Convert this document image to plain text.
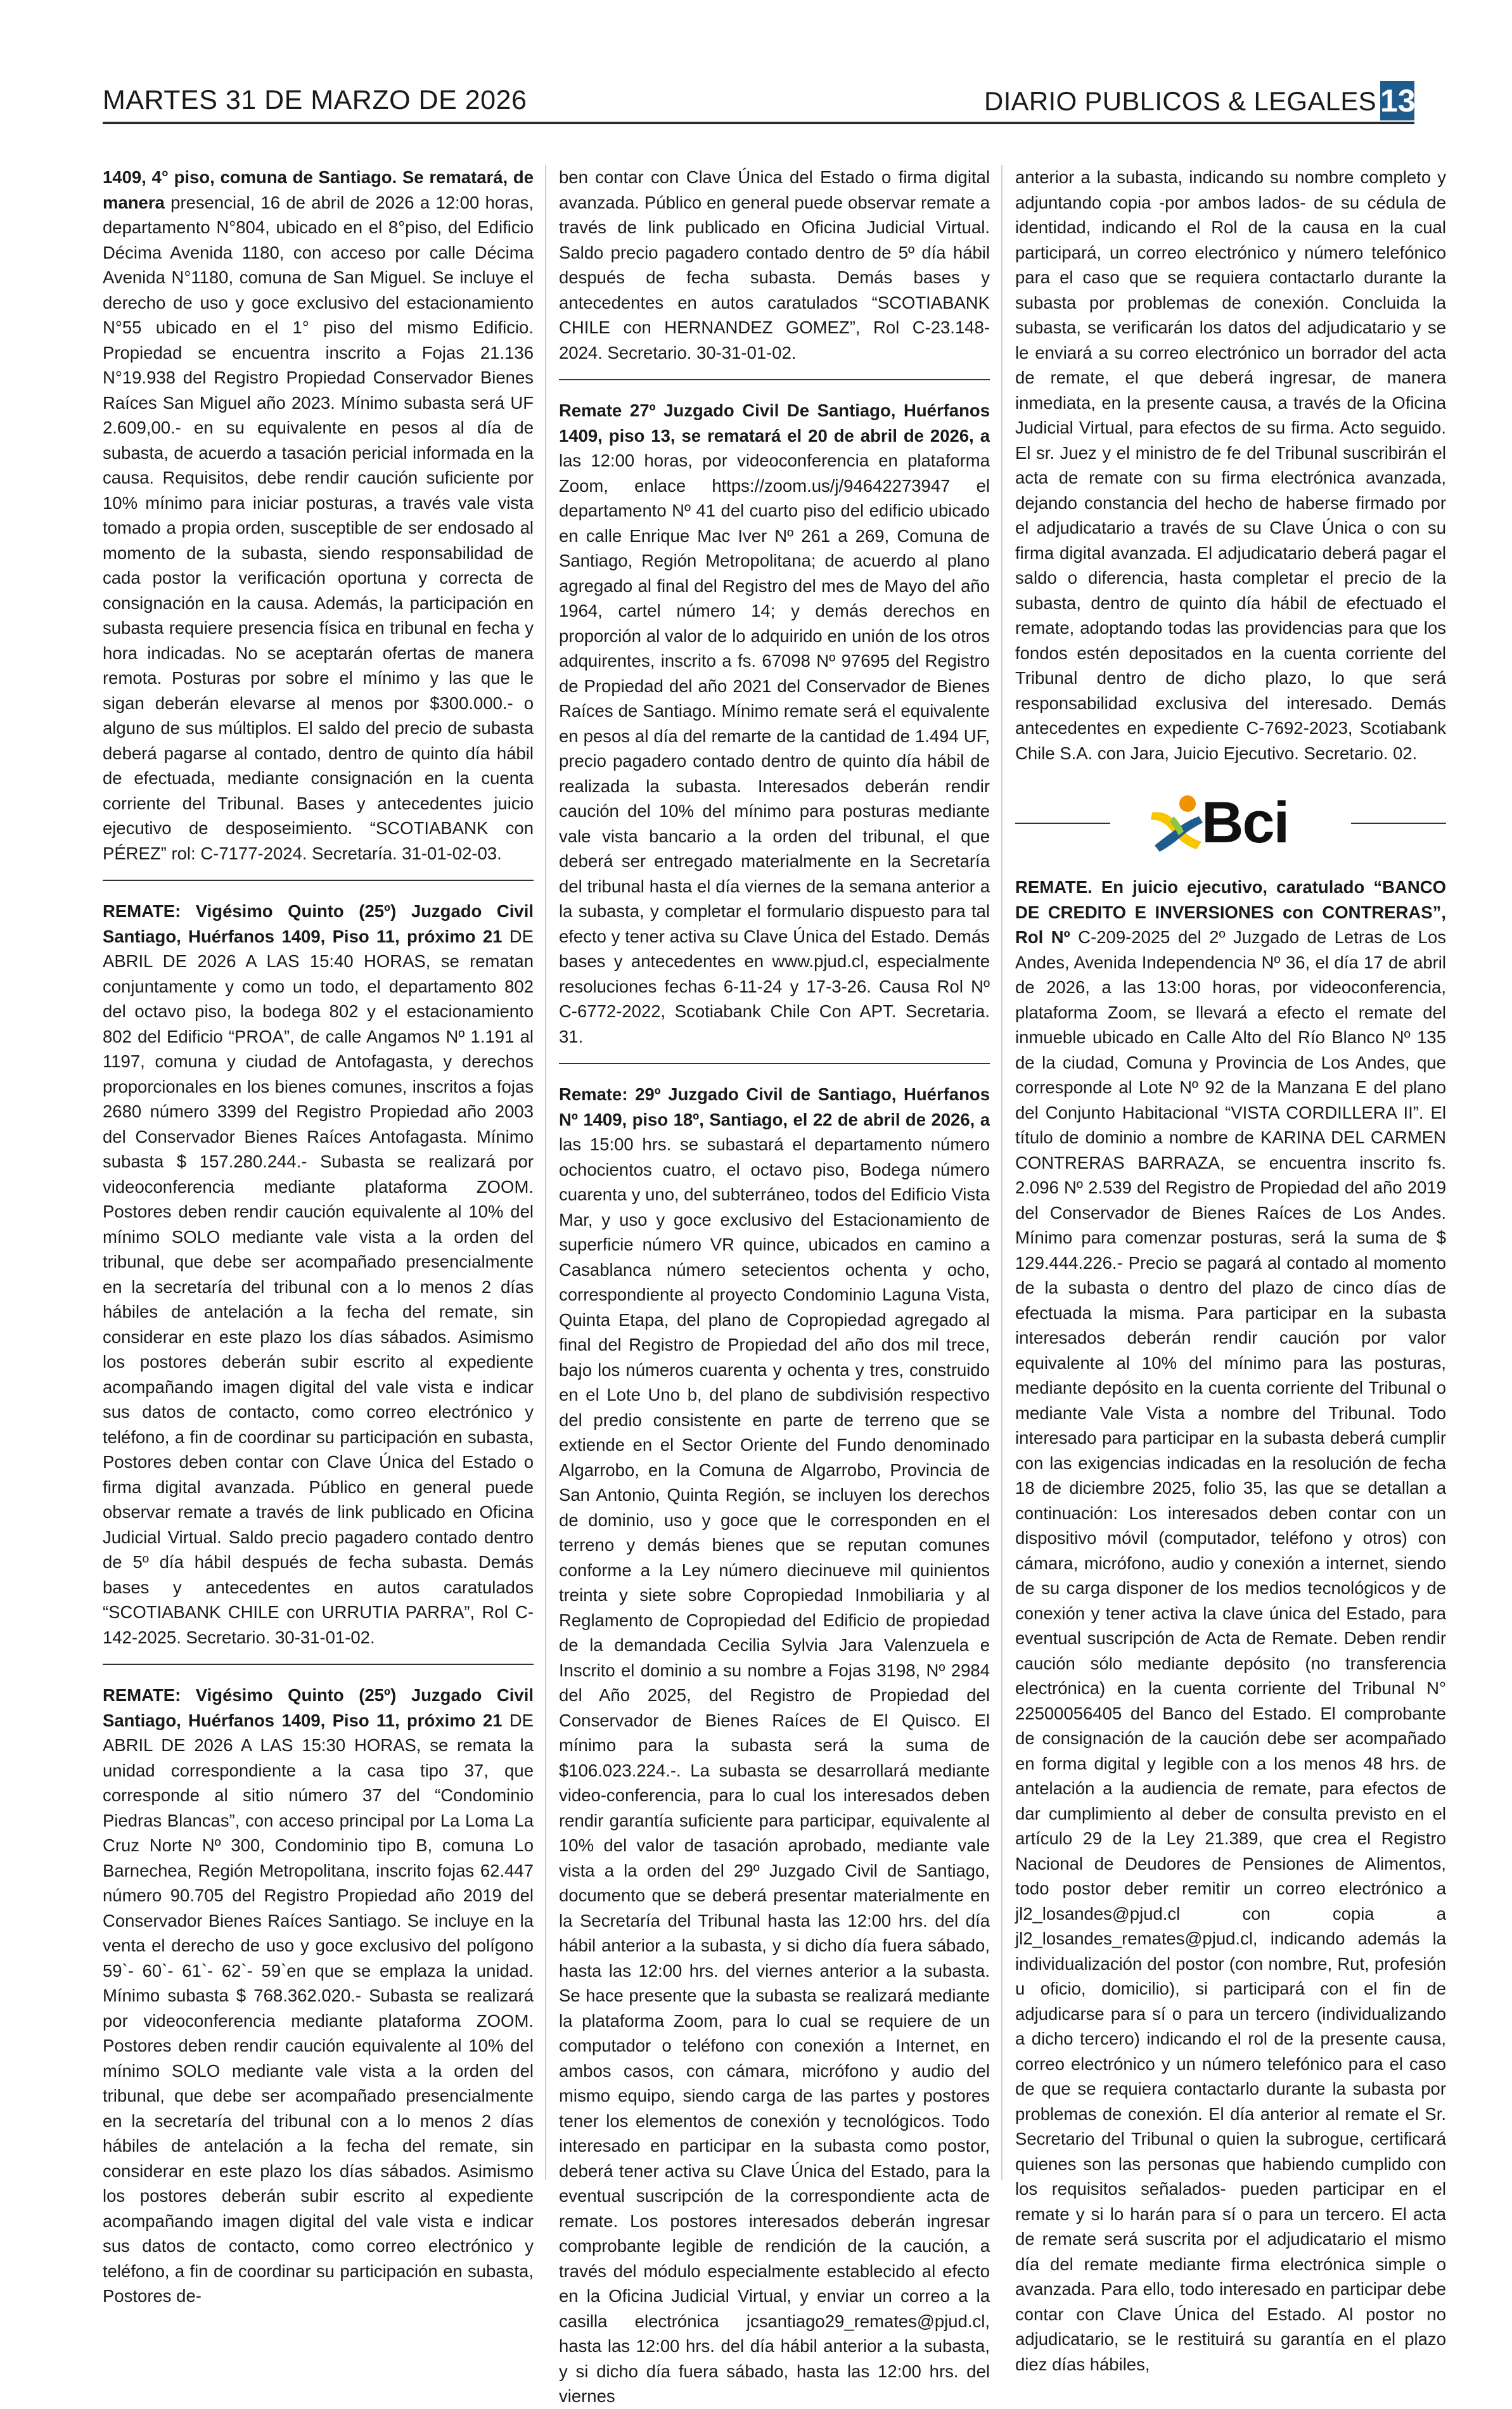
MARTES 31 DE MARZO DE 2026	DIARIO PUBLICOS & LEGALES 13

1409, 4° piso, comuna de Santiago. Se rematará, de manera presencial, 16 de abril de 2026 a 12:00 horas, departamento N°804, ubicado en el 8°piso, del Edificio Décima Avenida 1180, con acceso por calle Décima Avenida N°1180, comuna de San Miguel. Se incluye el derecho de uso y goce exclusivo del estacionamiento N°55 ubicado en el 1° piso del mismo Edificio. Propiedad se encuentra inscrito a Fojas 21.136 N°19.938 del Registro Propiedad Conservador Bienes Raíces San Miguel año 2023. Mínimo subasta será UF 2.609,00.- en su equivalente en pesos al día de subasta, de acuerdo a tasación pericial informada en la causa. Requisitos, debe rendir caución suficiente por 10% mínimo para iniciar posturas, a través vale vista tomado a propia orden, susceptible de ser endosado al momento de la subasta, siendo responsabilidad de cada postor la verificación oportuna y correcta de consignación en la causa. Además, la participación en subasta requiere presencia física en tribunal en fecha y hora indicadas. No se aceptarán ofertas de manera remota. Posturas por sobre el mínimo y las que le sigan deberán elevarse al menos por $300.000.- o alguno de sus múltiplos. El saldo del precio de subasta deberá pagarse al contado, dentro de quinto día hábil de efectuada, mediante consignación en la cuenta corriente del Tribunal. Bases y antecedentes juicio ejecutivo de desposeimiento. “SCOTIABANK con PÉREZ” rol: C-7177-2024. Secretaría. 31-01-02-03.

REMATE: Vigésimo Quinto (25º) Juzgado Civil Santiago, Huérfanos 1409, Piso 11, próximo 21 DE ABRIL DE 2026 A LAS 15:40 HORAS, se rematan conjuntamente y como un todo, el departamento 802 del octavo piso, la bodega 802 y el estacionamiento 802 del Edificio “PROA”, de calle Angamos Nº 1.191 al 1197, comuna y ciudad de Antofagasta, y derechos proporcionales en los bienes comunes, inscritos a fojas 2680 número 3399 del Registro Propiedad año 2003 del Conservador Bienes Raíces Antofagasta. Mínimo subasta $ 157.280.244.- Subasta se realizará por videoconferencia mediante plataforma ZOOM. Postores deben rendir caución equivalente al 10% del mínimo SOLO mediante vale vista a la orden del tribunal, que debe ser acompañado presencialmente en la secretaría del tribunal con a lo menos 2 días hábiles de antelación a la fecha del remate, sin considerar en este plazo los días sábados. Asimismo los postores deberán subir escrito al expediente acompañando imagen digital del vale vista e indicar sus datos de contacto, como correo electrónico y teléfono, a fin de coordinar su participación en subasta, Postores deben contar con Clave Única del Estado o firma digital avanzada. Público en general puede observar remate a través de link publicado en Oficina Judicial Virtual. Saldo precio pagadero contado dentro de 5º día hábil después de fecha subasta. Demás bases y antecedentes en autos caratulados “SCOTIABANK CHILE con URRUTIA PARRA”, Rol C-142-2025. Secretario. 30-31-01-02.

REMATE: Vigésimo Quinto (25º) Juzgado Civil Santiago, Huérfanos 1409, Piso 11, próximo 21 DE ABRIL DE 2026 A LAS 15:30 HORAS, se remata la unidad correspondiente a la casa tipo 37, que corresponde al sitio número 37 del “Condominio Piedras Blancas”, con acceso principal por La Loma La Cruz Norte Nº 300, Condominio tipo B, comuna Lo Barnechea, Región Metropolitana, inscrito fojas 62.447 número 90.705 del Registro Propiedad año 2019 del Conservador Bienes Raíces Santiago. Se incluye en la venta el derecho de uso y goce exclusivo del polígono 59`- 60`- 61`- 62`- 59`en que se emplaza la unidad. Mínimo subasta $ 768.362.020.- Subasta se realizará por videoconferencia mediante plataforma ZOOM. Postores deben rendir caución equivalente al 10% del mínimo SOLO mediante vale vista a la orden del tribunal, que debe ser acompañado presencialmente en la secretaría del tribunal con a lo menos 2 días hábiles de antelación a la fecha del remate, sin considerar en este plazo los días sábados. Asimismo los postores deberán subir escrito al expediente acompañando imagen digital del vale vista e indicar sus datos de contacto, como correo electrónico y teléfono, a fin de coordinar su participación en subasta, Postores de-

ben contar con Clave Única del Estado o firma digital avanzada. Público en general puede observar remate a través de link publicado en Oficina Judicial Virtual. Saldo precio pagadero contado dentro de 5º día hábil después de fecha subasta. Demás bases y antecedentes en autos caratulados “SCOTIABANK CHILE con HERNANDEZ GOMEZ”, Rol C-23.148-2024. Secretario. 30-31-01-02.

Remate 27º Juzgado Civil De Santiago, Huérfanos 1409, piso 13, se rematará el 20 de abril de 2026, a las 12:00 horas, por videoconferencia en plataforma Zoom, enlace https://zoom.us/j/94642273947 el departamento Nº 41 del cuarto piso del edificio ubicado en calle Enrique Mac Iver Nº 261 a 269, Comuna de Santiago, Región Metropolitana; de acuerdo al plano agregado al final del Registro del mes de Mayo del año 1964, cartel número 14; y demás derechos en proporción al valor de lo adquirido en unión de los otros adquirentes, inscrito a fs. 67098 Nº 97695 del Registro de Propiedad del año 2021 del Conservador de Bienes Raíces de Santiago. Mínimo remate será el equivalente en pesos al día del remarte de la cantidad de 1.494 UF, precio pagadero contado dentro de quinto día hábil de realizada la subasta. Interesados deberán rendir caución del 10% del mínimo para posturas mediante vale vista bancario a la orden del tribunal, el que deberá ser entregado materialmente en la Secretaría del tribunal hasta el día viernes de la semana anterior a la subasta, y completar el formulario dispuesto para tal efecto y tener activa su Clave Única del Estado. Demás bases y antecedentes en www.pjud.cl, especialmente resoluciones fechas 6-11-24 y 17-3-26. Causa Rol Nº C-6772-2022, Scotiabank Chile Con APT. Secretaria. 31.

Remate: 29º Juzgado Civil de Santiago, Huérfanos Nº 1409, piso 18º, Santiago, el 22 de abril de 2026, a las 15:00 hrs. se subastará el departamento número ochocientos cuatro, el octavo piso, Bodega número cuarenta y uno, del subterráneo, todos del Edificio Vista Mar, y uso y goce exclusivo del Estacionamiento de superficie número VR quince, ubicados en camino a Casablanca número setecientos ochenta y ocho, correspondiente al proyecto Condominio Laguna Vista, Quinta Etapa, del plano de Copropiedad agregado al final del Registro de Propiedad del año dos mil trece, bajo los números cuarenta y ochenta y tres, construido en el Lote Uno b, del plano de subdivisión respectivo del predio consistente en parte de terreno que se extiende en el Sector Oriente del Fundo denominado Algarrobo, en la Comuna de Algarrobo, Provincia de San Antonio, Quinta Región, se incluyen los derechos de dominio, uso y goce que le corresponden en el terreno y demás bienes que se reputan comunes conforme a la Ley número diecinueve mil quinientos treinta y siete sobre Copropiedad Inmobiliaria y al Reglamento de Copropiedad del Edificio de propiedad de la demandada Cecilia Sylvia Jara Valenzuela e Inscrito el dominio a su nombre a Fojas 3198, Nº 2984 del Año 2025, del Registro de Propiedad del Conservador de Bienes Raíces de El Quisco. El mínimo para la subasta será la suma de $106.023.224.-. La subasta se desarrollará mediante video-conferencia, para lo cual los interesados deben rendir garantía suficiente para participar, equivalente al 10% del valor de tasación aprobado, mediante vale vista a la orden del 29º Juzgado Civil de Santiago, documento que se deberá presentar materialmente en la Secretaría del Tribunal hasta las 12:00 hrs. del día hábil anterior a la subasta, y si dicho día fuera sábado, hasta las 12:00 hrs. del viernes anterior a la subasta. Se hace presente que la subasta se realizará mediante la plataforma Zoom, para lo cual se requiere de un computador o teléfono con conexión a Internet, en ambos casos, con cámara, micrófono y audio del mismo equipo, siendo carga de las partes y postores tener los elementos de conexión y tecnológicos. Todo interesado en participar en la subasta como postor, deberá tener activa su Clave Única del Estado, para la eventual suscripción de la correspondiente acta de remate. Los postores interesados deberán ingresar comprobante legible de rendición de la caución, a través del módulo especialmente establecido al efecto en la Oficina Judicial Virtual, y enviar un correo a la casilla electrónica jcsantiago29_remates@pjud.cl, hasta las 12:00 hrs. del día hábil anterior a la subasta, y si dicho día fuera sábado, hasta las 12:00 hrs. del viernes

anterior a la subasta, indicando su nombre completo y adjuntando copia -por ambos lados- de su cédula de identidad, indicando el Rol de la causa en la cual participará, un correo electrónico y número telefónico para el caso que se requiera contactarlo durante la subasta por problemas de conexión. Concluida la subasta, se verificarán los datos del adjudicatario y se le enviará a su correo electrónico un borrador del acta de remate, el que deberá ingresar, de manera inmediata, en la presente causa, a través de la Oficina Judicial Virtual, para efectos de su firma. Acto seguido. El sr. Juez y el ministro de fe del Tribunal suscribirán el acta de remate con su firma electrónica avanzada, dejando constancia del hecho de haberse firmado por el adjudicatario a través de su Clave Única o con su firma digital avanzada. El adjudicatario deberá pagar el saldo o diferencia, hasta completar el precio de la subasta, dentro de quinto día hábil de efectuado el remate, adoptando todas las providencias para que los fondos estén depositados en la cuenta corriente del Tribunal dentro de dicho plazo, lo que será responsabilidad exclusiva del interesado. Demás antecedentes en expediente C-7692-2023, Scotiabank Chile S.A. con Jara, Juicio Ejecutivo. Secretario. 02.

Bci

REMATE. En juicio ejecutivo, caratulado “BANCO DE CREDITO E INVERSIONES con CONTRERAS”, Rol Nº C-209-2025 del 2º Juzgado de Letras de Los Andes, Avenida Independencia Nº 36, el día 17 de abril de 2026, a las 13:00 horas, por videoconferencia, plataforma Zoom, se llevará a efecto el remate del inmueble ubicado en Calle Alto del Río Blanco Nº 135 de la ciudad, Comuna y Provincia de Los Andes, que corresponde al Lote Nº 92 de la Manzana E del plano del Conjunto Habitacional “VISTA CORDILLERA II”. El título de dominio a nombre de KARINA DEL CARMEN CONTRERAS BARRAZA, se encuentra inscrito fs. 2.096 Nº 2.539 del Registro de Propiedad del año 2019 del Conservador de Bienes Raíces de Los Andes. Mínimo para comenzar posturas, será la suma de $ 129.444.226.- Precio se pagará al contado al momento de la subasta o dentro del plazo de cinco días de efectuada la misma. Para participar en la subasta interesados deberán rendir caución por valor equivalente al 10% del mínimo para las posturas, mediante depósito en la cuenta corriente del Tribunal o mediante Vale Vista a nombre del Tribunal. Todo interesado para participar en la subasta deberá cumplir con las exigencias indicadas en la resolución de fecha 18 de diciembre 2025, folio 35, las que se detallan a continuación: Los interesados deben contar con un dispositivo móvil (computador, teléfono y otros) con cámara, micrófono, audio y conexión a internet, siendo de su carga disponer de los medios tecnológicos y de conexión y tener activa la clave única del Estado, para eventual suscripción de Acta de Remate. Deben rendir caución sólo mediante depósito (no transferencia electrónica) en la cuenta corriente del Tribunal N° 22500056405 del Banco del Estado. El comprobante de consignación de la caución debe ser acompañado en forma digital y legible con a los menos 48 hrs. de antelación a la audiencia de remate, para efectos de dar cumplimiento al deber de consulta previsto en el artículo 29 de la Ley 21.389, que crea el Registro Nacional de Deudores de Pensiones de Alimentos, todo postor deber remitir un correo electrónico a jl2_losandes@pjud.cl con copia a jl2_losandes_remates@pjud.cl, indicando además la individualización del postor (con nombre, Rut, profesión u oficio, domicilio), si participará con el fin de adjudicarse para sí o para un tercero (individualizando a dicho tercero) indicando el rol de la presente causa, correo electrónico y un número telefónico para el caso de que se requiera contactarlo durante la subasta por problemas de conexión. El día anterior al remate el Sr. Secretario del Tribunal o quien la subrogue, certificará quienes son las personas que habiendo cumplido con los requisitos señalados- pueden participar en el remate y si lo harán para sí o para un tercero. El acta de remate será suscrita por el adjudicatario el mismo día del remate mediante firma electrónica simple o avanzada. Para ello, todo interesado en participar debe contar con Clave Única del Estado. Al postor no adjudicatario, se le restituirá su garantía en el plazo diez días hábiles,
